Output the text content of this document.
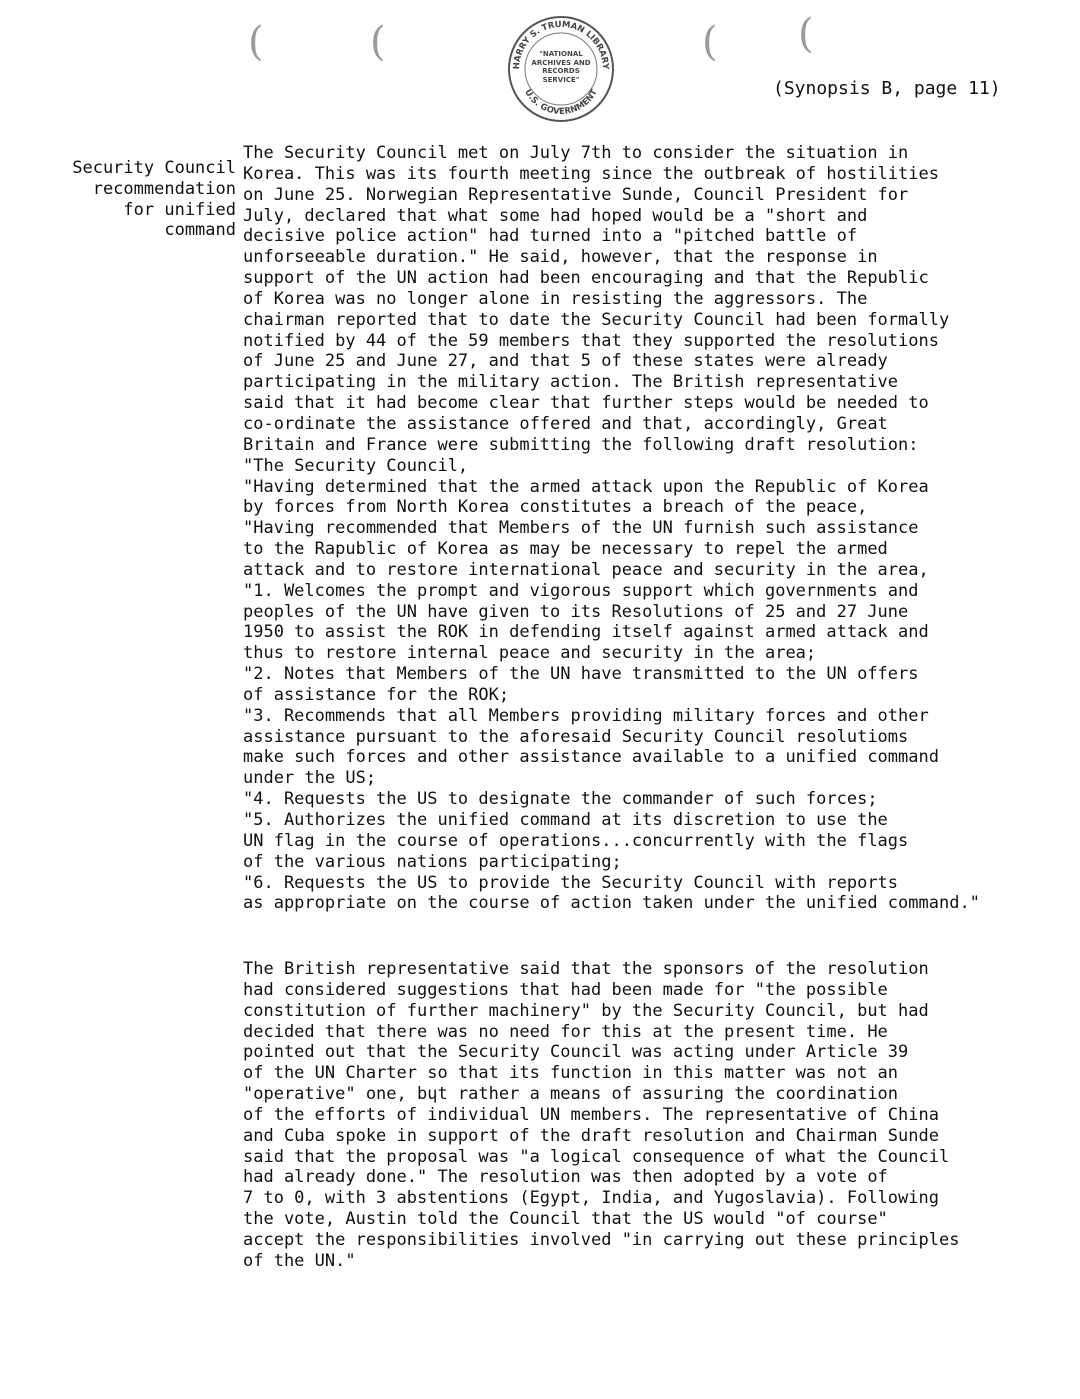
(	(	( (
HARRY S. TRUMAN LIBRARY
U.S. GOVERNMENT
"NATIONAL ARCHIVES AND RECORDS SERVICE"	(Synopsis B, page 11)
Security Council
recommendation
for unified
command
The Security Council met on July 7th to consider the situation in
Korea. This was its fourth meeting since the outbreak of hostilities
on June 25. Norwegian Representative Sunde, Council President for
July, declared that what some had hoped would be a "short and
decisive police action" had turned into a "pitched battle of
unforseeable duration." He said, however, that the response in
support of the UN action had been encouraging and that the Republic
of Korea was no longer alone in resisting the aggressors. The
chairman reported that to date the Security Council had been formally
notified by 44 of the 59 members that they supported the resolutions
of June 25 and June 27, and that 5 of these states were already
participating in the military action. The British representative
said that it had become clear that further steps would be needed to
co-ordinate the assistance offered and that, accordingly, Great
Britain and France were submitting the following draft resolution:
"The Security Council,
"Having determined that the armed attack upon the Republic of Korea
by forces from North Korea constitutes a breach of the peace,
"Having recommended that Members of the UN furnish such assistance
to the Rapublic of Korea as may be necessary to repel the armed
attack and to restore international peace and security in the area,
"1. Welcomes the prompt and vigorous support which governments and
peoples of the UN have given to its Resolutions of 25 and 27 June
1950 to assist the ROK in defending itself against armed attack and
thus to restore internal peace and security in the area;
"2. Notes that Members of the UN have transmitted to the UN offers
of assistance for the ROK;
"3. Recommends that all Members providing military forces and other
assistance pursuant to the aforesaid Security Council resolutioms
make such forces and other assistance available to a unified command
under the US;
"4. Requests the US to designate the commander of such forces;
"5. Authorizes the unified command at its discretion to use the
UN flag in the course of operations...concurrently with the flags
of the various nations participating;
"6. Requests the US to provide the Security Council with reports
as appropriate on the course of action taken under the unified command."
The British representative said that the sponsors of the resolution
had considered suggestions that had been made for "the possible
constitution of further machinery" by the Security Council, but had
decided that there was no need for this at the present time. He
pointed out that the Security Council was acting under Article 39
of the UN Charter so that its function in this matter was not an
"operative" one, bɥt rather a means of assuring the coordination
of the efforts of individual UN members. The representative of China
and Cuba spoke in support of the draft resolution and Chairman Sunde
said that the proposal was "a logical consequence of what the Council
had already done." The resolution was then adopted by a vote of
7 to 0, with 3 abstentions (Egypt, India, and Yugoslavia). Following
the vote, Austin told the Council that the US would "of course"
accept the responsibilities involved "in carrying out these principles
of the UN."
